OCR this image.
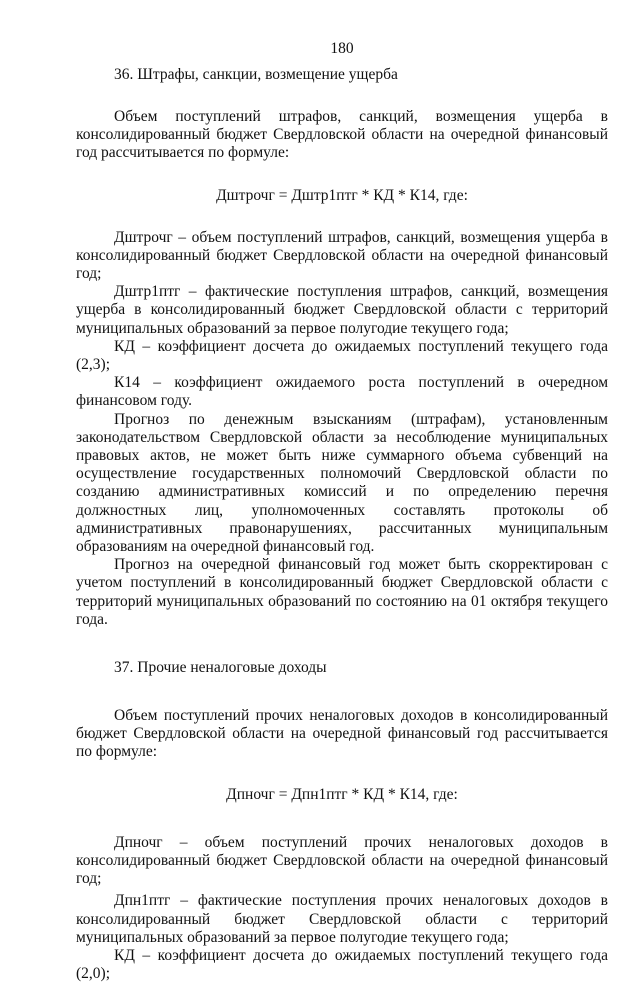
180

36. Штрафы, санкции, возмещение ущерба

Объем поступлений штрафов, санкций, возмещения ущерба в консолидированный бюджет Свердловской области на очередной финансовый год рассчитывается по формуле:

Дштрочг = Дштр1птг * КД * К14, где:

Дштрочг – объем поступлений штрафов, санкций, возмещения ущерба в консолидированный бюджет Свердловской области на очередной финансовый год;

Дштр1птг – фактические поступления штрафов, санкций, возмещения ущерба в консолидированный бюджет Свердловской области с территорий муниципальных образований за первое полугодие текущего года;

КД – коэффициент досчета до ожидаемых поступлений текущего года (2,3);

К14 – коэффициент ожидаемого роста поступлений в очередном финансовом году.

Прогноз по денежным взысканиям (штрафам), установленным законодательством Свердловской области за несоблюдение муниципальных правовых актов, не может быть ниже суммарного объема субвенций на осуществление государственных полномочий Свердловской области по созданию административных комиссий и по определению перечня должностных лиц, уполномоченных составлять протоколы об административных правонарушениях, рассчитанных муниципальным образованиям на очередной финансовый год.

Прогноз на очередной финансовый год может быть скорректирован с учетом поступлений в консолидированный бюджет Свердловской области с территорий муниципальных образований по состоянию на 01 октября текущего года.

37. Прочие неналоговые доходы

Объем поступлений прочих неналоговых доходов в консолидированный бюджет Свердловской области на очередной финансовый год рассчитывается по формуле:

Дпночг = Дпн1птг * КД * К14, где:

Дпночг – объем поступлений прочих неналоговых доходов в консолидированный бюджет Свердловской области на очередной финансовый год;

Дпн1птг – фактические поступления прочих неналоговых доходов в консолидированный бюджет Свердловской области с территорий муниципальных образований за первое полугодие текущего года;

КД – коэффициент досчета до ожидаемых поступлений текущего года (2,0);
